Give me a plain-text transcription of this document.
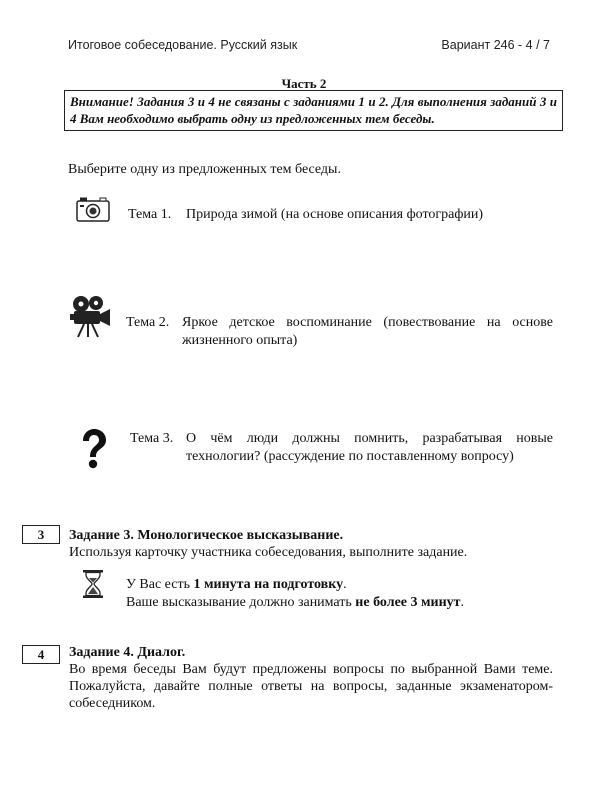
Итоговое собеседование. Русский язык	Вариант 246 - 4 / 7
Часть 2
Внимание! Задания 3 и 4 не связаны с заданиями 1 и 2. Для выполнения заданий 3 и 4 Вам необходимо выбрать одну из предложенных тем беседы.
Выберите одну из предложенных тем беседы.
Тема 1. Природа зимой (на основе описания фотографии)
Тема 2. Яркое детское воспоминание (повествование на основе жизненного опыта)
Тема 3. О чём люди должны помнить, разрабатывая новые технологии? (рассуждение по поставленному вопросу)
3	Задание 3. Монологическое высказывание.
Используя карточку участника собеседования, выполните задание.
У Вас есть 1 минута на подготовку.
Ваше высказывание должно занимать не более 3 минут.
4	Задание 4. Диалог.
Во время беседы Вам будут предложены вопросы по выбранной Вами теме. Пожалуйста, давайте полные ответы на вопросы, заданные экзаменатором-собеседником.
